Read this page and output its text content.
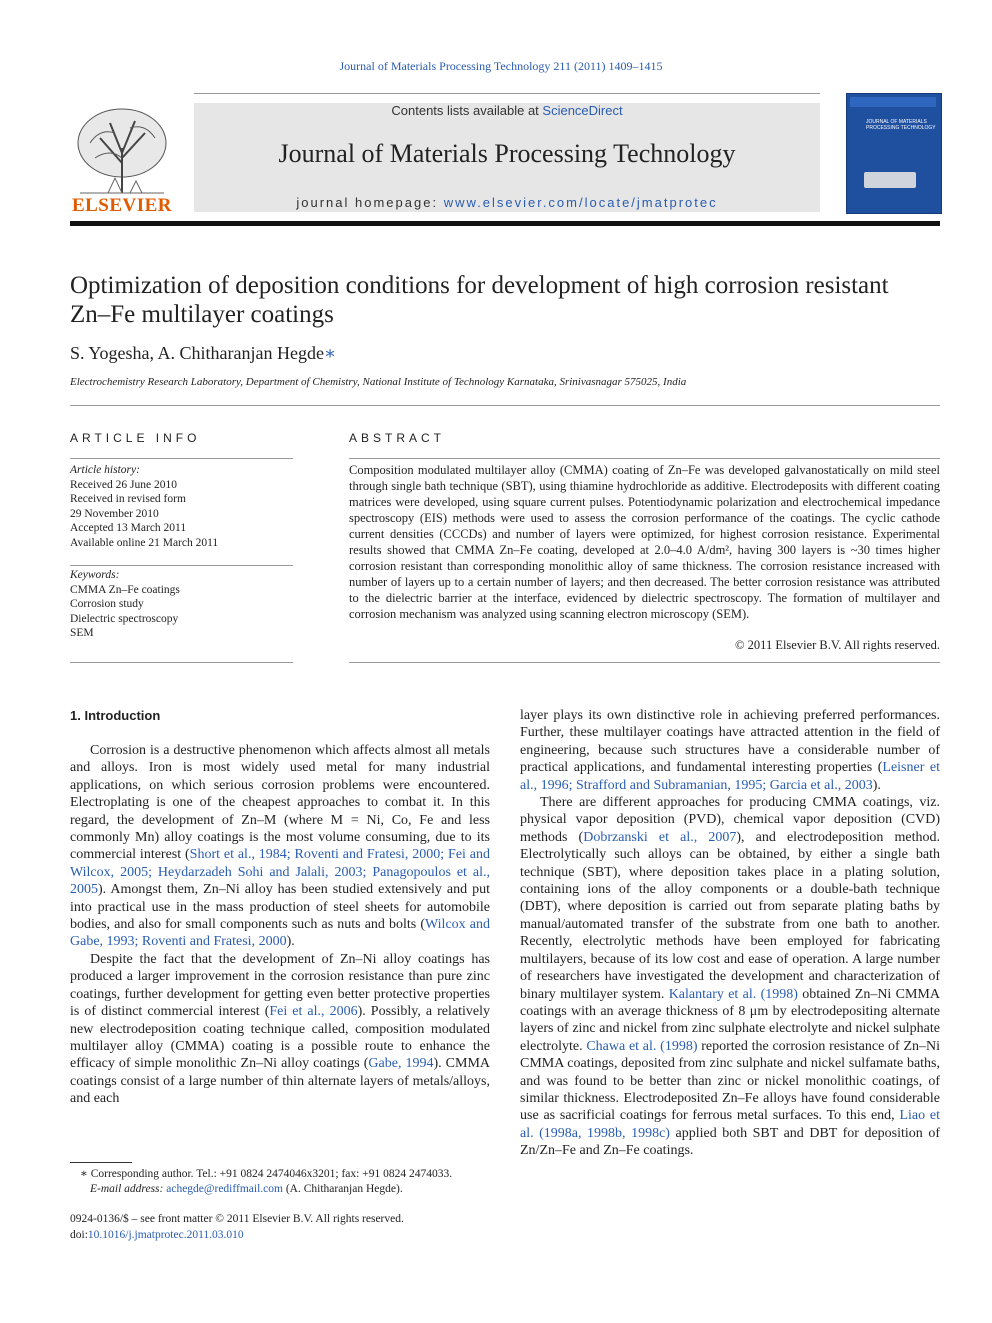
Journal of Materials Processing Technology 211 (2011) 1409–1415
ELSEVIER
Contents lists available at ScienceDirect
Journal of Materials Processing Technology
journal homepage: www.elsevier.com/locate/jmatprotec
JOURNAL OF MATERIALS PROCESSING TECHNOLOGY
Optimization of deposition conditions for development of high corrosion resistant Zn–Fe multilayer coatings
S. Yogesha, A. Chitharanjan Hegde∗
Electrochemistry Research Laboratory, Department of Chemistry, National Institute of Technology Karnataka, Srinivasnagar 575025, India
ARTICLE INFO
Article history:
Received 26 June 2010
Received in revised form
29 November 2010
Accepted 13 March 2011
Available online 21 March 2011
Keywords:
CMMA Zn–Fe coatings
Corrosion study
Dielectric spectroscopy
SEM
ABSTRACT
Composition modulated multilayer alloy (CMMA) coating of Zn–Fe was developed galvanostatically on mild steel through single bath technique (SBT), using thiamine hydrochloride as additive. Electrodeposits with different coating matrices were developed, using square current pulses. Potentiodynamic polarization and electrochemical impedance spectroscopy (EIS) methods were used to assess the corrosion performance of the coatings. The cyclic cathode current densities (CCCDs) and number of layers were optimized, for highest corrosion resistance. Experimental results showed that CMMA Zn–Fe coating, developed at 2.0–4.0 A/dm², having 300 layers is ~30 times higher corrosion resistant than corresponding monolithic alloy of same thickness. The corrosion resistance increased with number of layers up to a certain number of layers; and then decreased. The better corrosion resistance was attributed to the dielectric barrier at the interface, evidenced by dielectric spectroscopy. The formation of multilayer and corrosion mechanism was analyzed using scanning electron microscopy (SEM).
© 2011 Elsevier B.V. All rights reserved.
1. Introduction

Corrosion is a destructive phenomenon which affects almost all metals and alloys. Iron is most widely used metal for many industrial applications, on which serious corrosion problems were encountered. Electroplating is one of the cheapest approaches to combat it. In this regard, the development of Zn–M (where M = Ni, Co, Fe and less commonly Mn) alloy coatings is the most volume consuming, due to its commercial interest (Short et al., 1984; Roventi and Fratesi, 2000; Fei and Wilcox, 2005; Heydarzadeh Sohi and Jalali, 2003; Panagopoulos et al., 2005). Amongst them, Zn–Ni alloy has been studied extensively and put into practical use in the mass production of steel sheets for automobile bodies, and also for small components such as nuts and bolts (Wilcox and Gabe, 1993; Roventi and Fratesi, 2000).

Despite the fact that the development of Zn–Ni alloy coatings has produced a larger improvement in the corrosion resistance than pure zinc coatings, further development for getting even better protective properties is of distinct commercial interest (Fei et al., 2006). Possibly, a relatively new electrodeposition coating technique called, composition modulated multilayer alloy (CMMA) coating is a possible route to enhance the efficacy of simple monolithic Zn–Ni alloy coatings (Gabe, 1994). CMMA coatings consist of a large number of thin alternate layers of metals/alloys, and each

layer plays its own distinctive role in achieving preferred performances. Further, these multilayer coatings have attracted attention in the field of engineering, because such structures have a considerable number of practical applications, and fundamental interesting properties (Leisner et al., 1996; Strafford and Subramanian, 1995; Garcia et al., 2003).

There are different approaches for producing CMMA coatings, viz. physical vapor deposition (PVD), chemical vapor deposition (CVD) methods (Dobrzanski et al., 2007), and electrodeposition method. Electrolytically such alloys can be obtained, by either a single bath technique (SBT), where deposition takes place in a plating solution, containing ions of the alloy components or a double-bath technique (DBT), where deposition is carried out from separate plating baths by manual/automated transfer of the substrate from one bath to another. Recently, electrolytic methods have been employed for fabricating multilayers, because of its low cost and ease of operation. A large number of researchers have investigated the development and characterization of binary multilayer system. Kalantary et al. (1998) obtained Zn–Ni CMMA coatings with an average thickness of 8 μm by electrodepositing alternate layers of zinc and nickel from zinc sulphate electrolyte and nickel sulphate electrolyte. Chawa et al. (1998) reported the corrosion resistance of Zn–Ni CMMA coatings, deposited from zinc sulphate and nickel sulfamate baths, and was found to be better than zinc or nickel monolithic coatings, of similar thickness. Electrodeposited Zn–Fe alloys have found considerable use as sacrificial coatings for ferrous metal surfaces. To this end, Liao et al. (1998a, 1998b, 1998c) applied both SBT and DBT for deposition of Zn/Zn–Fe and Zn–Fe coatings.

∗ Corresponding author. Tel.: +91 0824 2474046x3201; fax: +91 0824 2474033.
E-mail address: achegde@rediffmail.com (A. Chitharanjan Hegde).
0924-0136/$ – see front matter © 2011 Elsevier B.V. All rights reserved.
doi:10.1016/j.jmatprotec.2011.03.010
